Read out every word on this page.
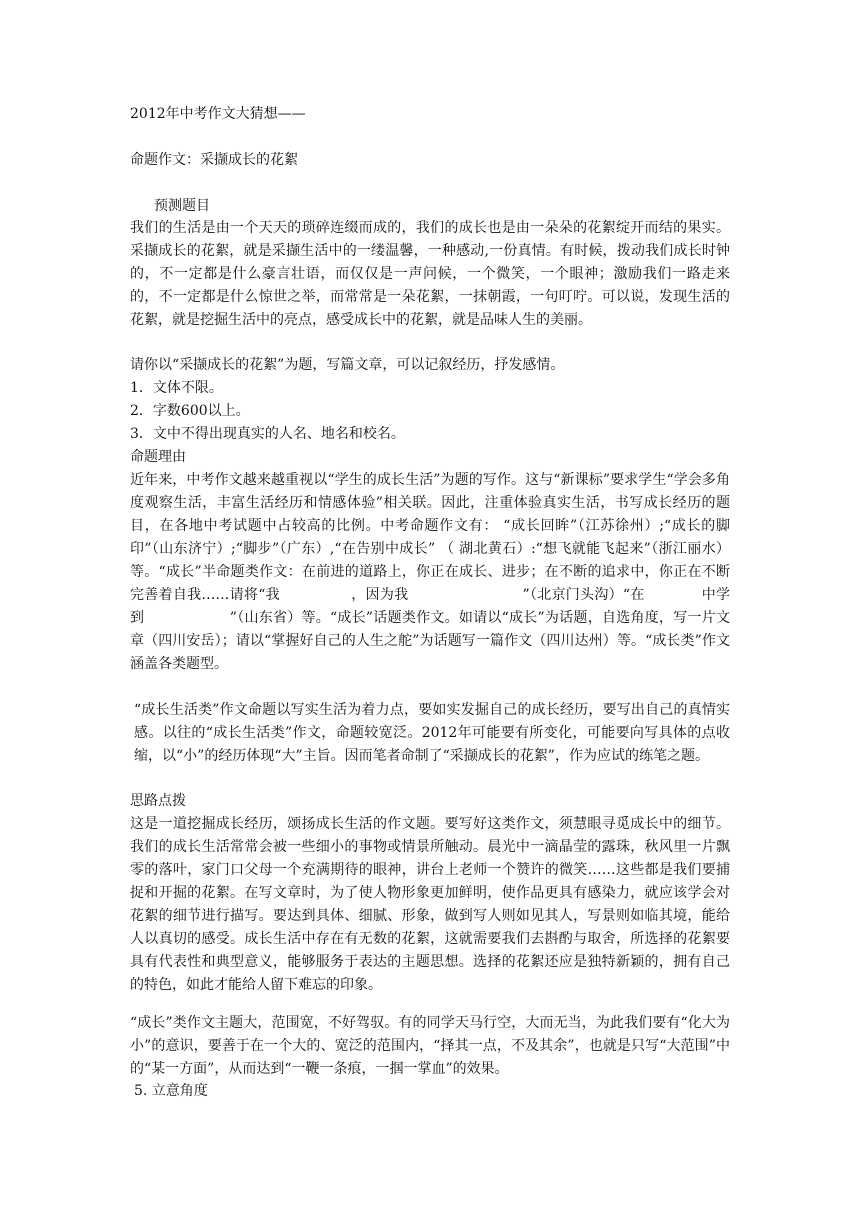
2012年中考作文大猜想——
命题作文：采撷成长的花絮
预测题目
我们的生活是由一个天天的琐碎连缀而成的，我们的成长也是由一朵朵的花絮绽开而结的果实。采撷成长的花絮，就是采撷生活中的一缕温馨，一种感动,一份真情。有时候，拨动我们成长时钟的，不一定都是什么豪言壮语，而仅仅是一声问候，一个微笑，一个眼神；激励我们一路走来的，不一定都是什么惊世之举，而常常是一朵花絮，一抹朝霞，一句叮咛。可以说，发现生活的花絮，就是挖掘生活中的亮点，感受成长中的花絮，就是品味人生的美丽。
请你以“采撷成长的花絮”为题，写篇文章，可以记叙经历，抒发感情。
1．文体不限。
2．字数600以上。
3．文中不得出现真实的人名、地名和校名。
命题理由
近年来，中考作文越来越重视以“学生的成长生活”为题的写作。这与“新课标”要求学生“学会多角度观察生活，丰富生活经历和情感体验”相关联。因此，注重体验真实生活，书写成长经历的题目，在各地中考试题中占较高的比例。中考命题作文有： “成长回眸”（江苏徐州）;“成长的脚印”（山东济宁）;“脚步”（广东）,“在告别中成长” （ 湖北黄石）:“想飞就能飞起来”（浙江丽水）等。“成长”半命题类作文：在前进的道路上，你正在成长、进步；在不断的追求中，你正在不断完善着自我……请将“我　　　　　，因为我　　　　　　　　”（北京门头沟）“在　　　　中学到　　　　　　”（山东省）等。“成长”话题类作文。如请以“成长”为话题，自选角度，写一片文章（四川安岳）；请以“掌握好自己的人生之舵”为话题写一篇作文（四川达州）等。“成长类”作文涵盖各类题型。
“成长生活类”作文命题以写实生活为着力点，要如实发掘自己的成长经历，要写出自己的真情实感。以往的“成长生活类”作文，命题较宽泛。2012年可能要有所变化，可能要向写具体的点收缩，以“小”的经历体现“大”主旨。因而笔者命制了“采撷成长的花絮”，作为应试的练笔之题。
思路点拨
这是一道挖掘成长经历，颂扬成长生活的作文题。要写好这类作文，须慧眼寻觅成长中的细节。我们的成长生活常常会被一些细小的事物或情景所触动。晨光中一滴晶莹的露珠，秋风里一片飘零的落叶，家门口父母一个充满期待的眼神，讲台上老师一个赞许的微笑……这些都是我们要捕捉和开掘的花絮。在写文章时，为了使人物形象更加鲜明，使作品更具有感染力，就应该学会对花絮的细节进行描写。要达到具体、细腻、形象，做到写人则如见其人，写景则如临其境，能给人以真切的感受。成长生活中存在有无数的花絮，这就需要我们去斟酌与取舍，所选择的花絮要具有代表性和典型意义，能够服务于表达的主题思想。选择的花絮还应是独特新颖的，拥有自己的特色，如此才能给人留下难忘的印象。
“成长”类作文主题大，范围宽，不好驾驭。有的同学天马行空，大而无当，为此我们要有“化大为小”的意识，要善于在一个大的、宽泛的范围内，“择其一点，不及其余”，也就是只写“大范围”中的“某一方面”，从而达到“一鞭一条痕，一掴一掌血”的效果。
5. 立意角度
